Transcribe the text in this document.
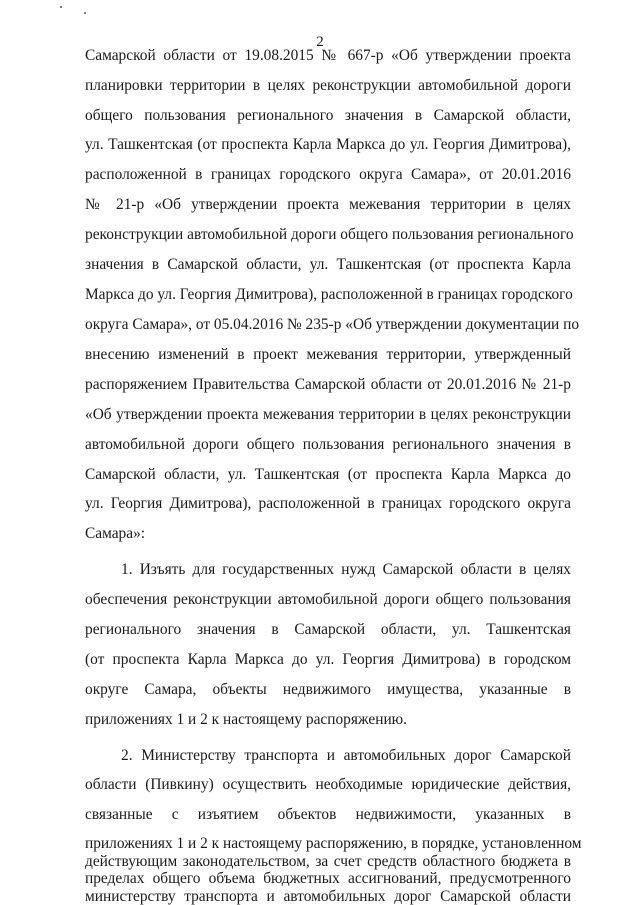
2
Самарской области от 19.08.2015 № 667-р «Об утверждении проекта
планировки территории в целях реконструкции автомобильной дороги
общего пользования регионального значения в Самарской области,
ул. Ташкентская (от проспекта Карла Маркса до ул. Георгия Димитрова),
расположенной в границах городского округа Самара», от 20.01.2016
№ 21-р «Об утверждении проекта межевания территории в целях
реконструкции автомобильной дороги общего пользования регионального
значения в Самарской области, ул. Ташкентская (от проспекта Карла
Маркса до ул. Георгия Димитрова), расположенной в границах городского
округа Самара», от 05.04.2016 № 235-р «Об утверждении документации по
внесению изменений в проект межевания территории, утвержденный
распоряжением Правительства Самарской области от 20.01.2016 № 21-р
«Об утверждении проекта межевания территории в целях реконструкции
автомобильной дороги общего пользования регионального значения в
Самарской области, ул. Ташкентская (от проспекта Карла Маркса до
ул. Георгия Димитрова), расположенной в границах городского округа
Самара»:
1. Изъять для государственных нужд Самарской области в целях
обеспечения реконструкции автомобильной дороги общего пользования
регионального значения в Самарской области, ул. Ташкентская
(от проспекта Карла Маркса до ул. Георгия Димитрова) в городском
округе Самара, объекты недвижимого имущества, указанные в
приложениях 1 и 2 к настоящему распоряжению.
2. Министерству транспорта и автомобильных дорог Самарской
области (Пивкину) осуществить необходимые юридические действия,
связанные с изъятием объектов недвижимости, указанных в
приложениях 1 и 2 к настоящему распоряжению, в порядке, установленном
действующим законодательством, за счет средств областного бюджета в
пределах общего объема бюджетных ассигнований, предусмотренного
министерству транспорта и автомобильных дорог Самарской области
